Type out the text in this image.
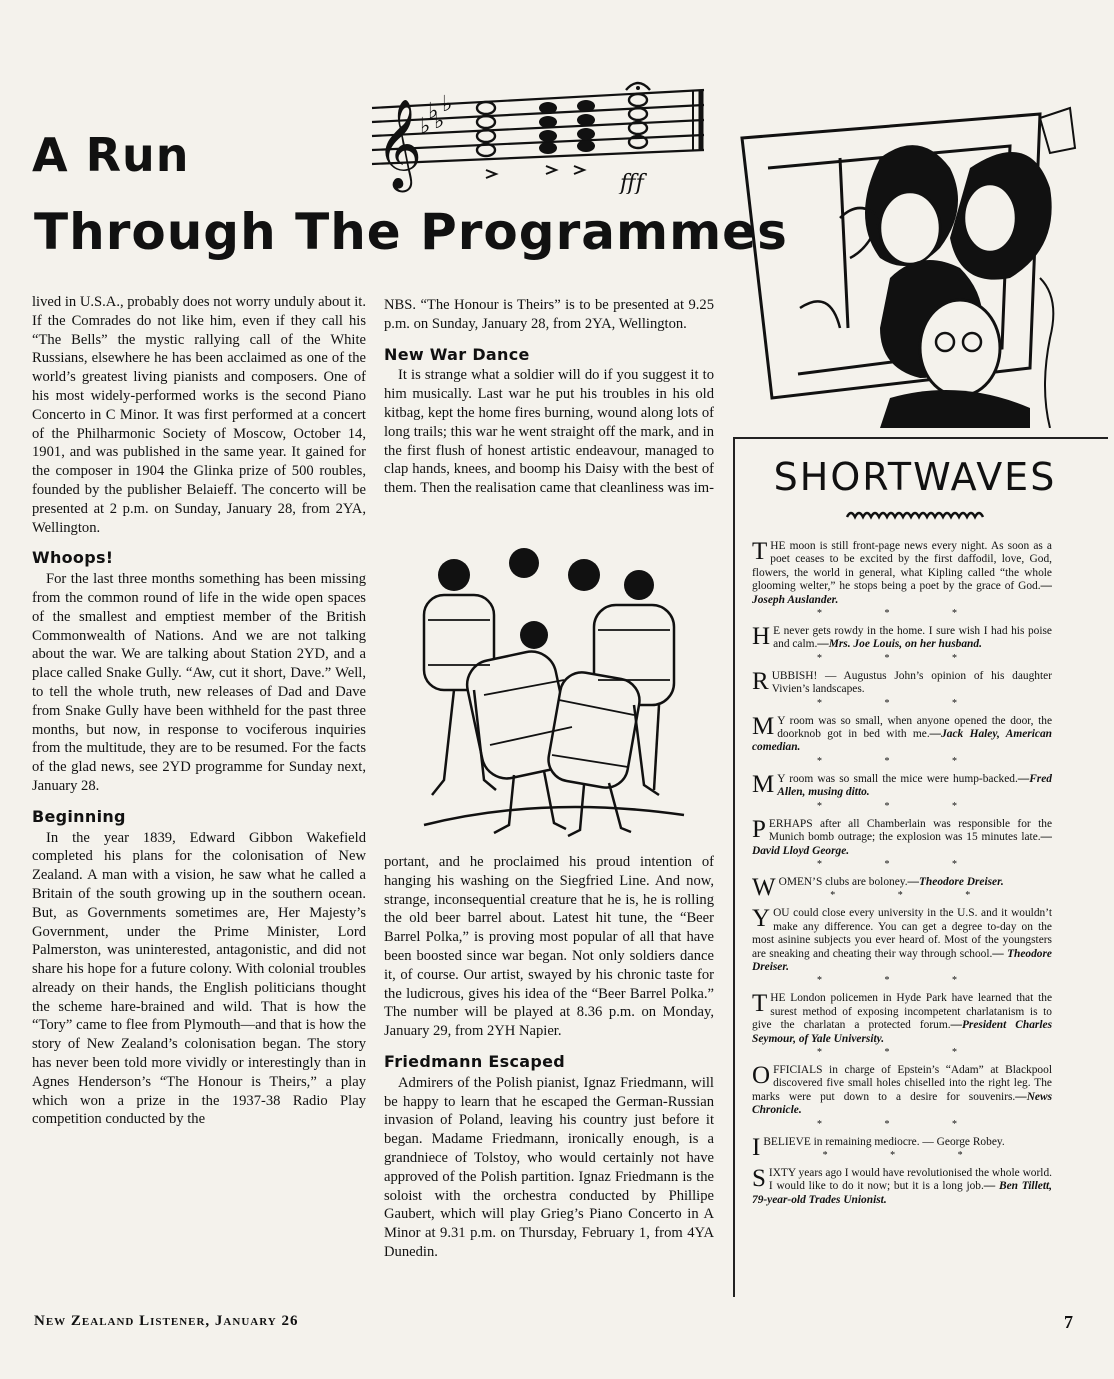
A Run
Through The Programmes
𝄞 ♭ ♭
♭ ♭
fff

lived in U.S.A., probably does not worry unduly about it. If the Comrades do not like him, even if they call his “The Bells” the mystic rallying call of the White Russians, elsewhere he has been acclaimed as one of the world’s greatest living pianists and composers. One of his most widely-performed works is the second Piano Concerto in C Minor. It was first performed at a concert of the Philharmonic Society of Moscow, October 14, 1901, and was published in the same year. It gained for the composer in 1904 the Glinka prize of 500 roubles, founded by the publisher Belaieff. The concerto will be presented at 2 p.m. on Sunday, January 28, from 2YA, Wellington.

Whoops!

For the last three months something has been missing from the common round of life in the wide open spaces of the smallest and emptiest member of the British Commonwealth of Nations. And we are not talking about the war. We are talking about Station 2YD, and a place called Snake Gully. “Aw, cut it short, Dave.” Well, to tell the whole truth, new releases of Dad and Dave from Snake Gully have been withheld for the past three months, but now, in response to vociferous inquiries from the multitude, they are to be resumed. For the facts of the glad news, see 2YD programme for Sunday next, January 28.

Beginning

In the year 1839, Edward Gibbon Wakefield completed his plans for the colonisation of New Zealand. A man with a vision, he saw what he called a Britain of the south growing up in the southern ocean. But, as Governments sometimes are, Her Majesty’s Government, under the Prime Minister, Lord Palmerston, was uninterested, antagonistic, and did not share his hope for a future colony. With colonial troubles already on their hands, the English politicians thought the scheme hare-brained and wild. That is how the “Tory” came to flee from Plymouth—and that is how the story of New Zealand’s colonisation began. The story has never been told more vividly or interestingly than in Agnes Henderson’s “The Honour is Theirs,” a play which won a prize in the 1937-38 Radio Play competition conducted by the

NBS. “The Honour is Theirs” is to be presented at 9.25 p.m. on Sunday, January 28, from 2YA, Wellington.

New War Dance

It is strange what a soldier will do if you suggest it to him musically. Last war he put his troubles in his old kitbag, kept the home fires burning, wound along lots of long trails; this war he went straight off the mark, and in the first flush of honest artistic endeavour, managed to clap hands, knees, and boomp his Daisy with the best of them. Then the realisation came that cleanliness was im-

portant, and he proclaimed his proud intention of hanging his washing on the Siegfried Line. And now, strange, inconsequential creature that he is, he is rolling the old beer barrel about. Latest hit tune, the “Beer Barrel Polka,” is proving most popular of all that have been boosted since war began. Not only soldiers dance it, of course. Our artist, swayed by his chronic taste for the ludicrous, gives his idea of the “Beer Barrel Polka.” The number will be played at 8.36 p.m. on Monday, January 29, from 2YH Napier.

Friedmann Escaped

Admirers of the Polish pianist, Ignaz Friedmann, will be happy to learn that he escaped the German-Russian invasion of Poland, leaving his country just before it began. Madame Friedmann, ironically enough, is a grandniece of Tolstoy, who would certainly not have approved of the Polish partition. Ignaz Friedmann is the soloist with the orchestra conducted by Phillipe Gaubert, which will play Grieg’s Piano Concerto in A Minor at 9.31 p.m. on Thursday, February 1, from 4YA Dunedin.

SHORTWAVES
THE moon is still front-page news every night. As soon as a poet ceases to be excited by the first daffodil, love, God, flowers, the world in general, what Kipling called “the whole glooming welter,” he stops being a poet by the grace of God.—Joseph Auslander.
* * *
H E never gets rowdy in the home. I sure wish I had his poise and calm.—Mrs. Joe Louis, on her husband.
* * *
RUBBISH! — Augustus John’s opinion of his daughter Vivien’s landscapes.
* * *
M Y room was so small, when anyone opened the door, the doorknob got in bed with me.—Jack Haley, American comedian.
* * *
M Y room was so small the mice were hump-backed.—Fred Allen, musing ditto.
* * *
PERHAPS after all Chamberlain was responsible for the Munich bomb outrage; the explosion was 15 minutes late.—David Lloyd George.
* * *
WOMEN’S clubs are boloney.—Theodore Dreiser.
* * *
YOU could close every university in the U.S. and it wouldn’t make any difference. You can get a degree to-day on the most asinine subjects you ever heard of. Most of the youngsters are sneaking and cheating their way through school.— Theodore Dreiser.
* * *
THE London policemen in Hyde Park have learned that the surest method of exposing incompetent charlatanism is to give the charlatan a protected forum.—President Charles Seymour, of Yale University.
* * *
OFFICIALS in charge of Epstein’s “Adam” at Blackpool discovered five small holes chiselled into the right leg. The marks were put down to a desire for souvenirs.—News Chronicle.
* * *
IBELIEVE in remaining mediocre. — George Robey.
* * *
SIXTY years ago I would have revolutionised the whole world. I would like to do it now; but it is a long job.— Ben Tillett, 79-year-old Trades Unionist.
New Zealand Listener, January 26	7
